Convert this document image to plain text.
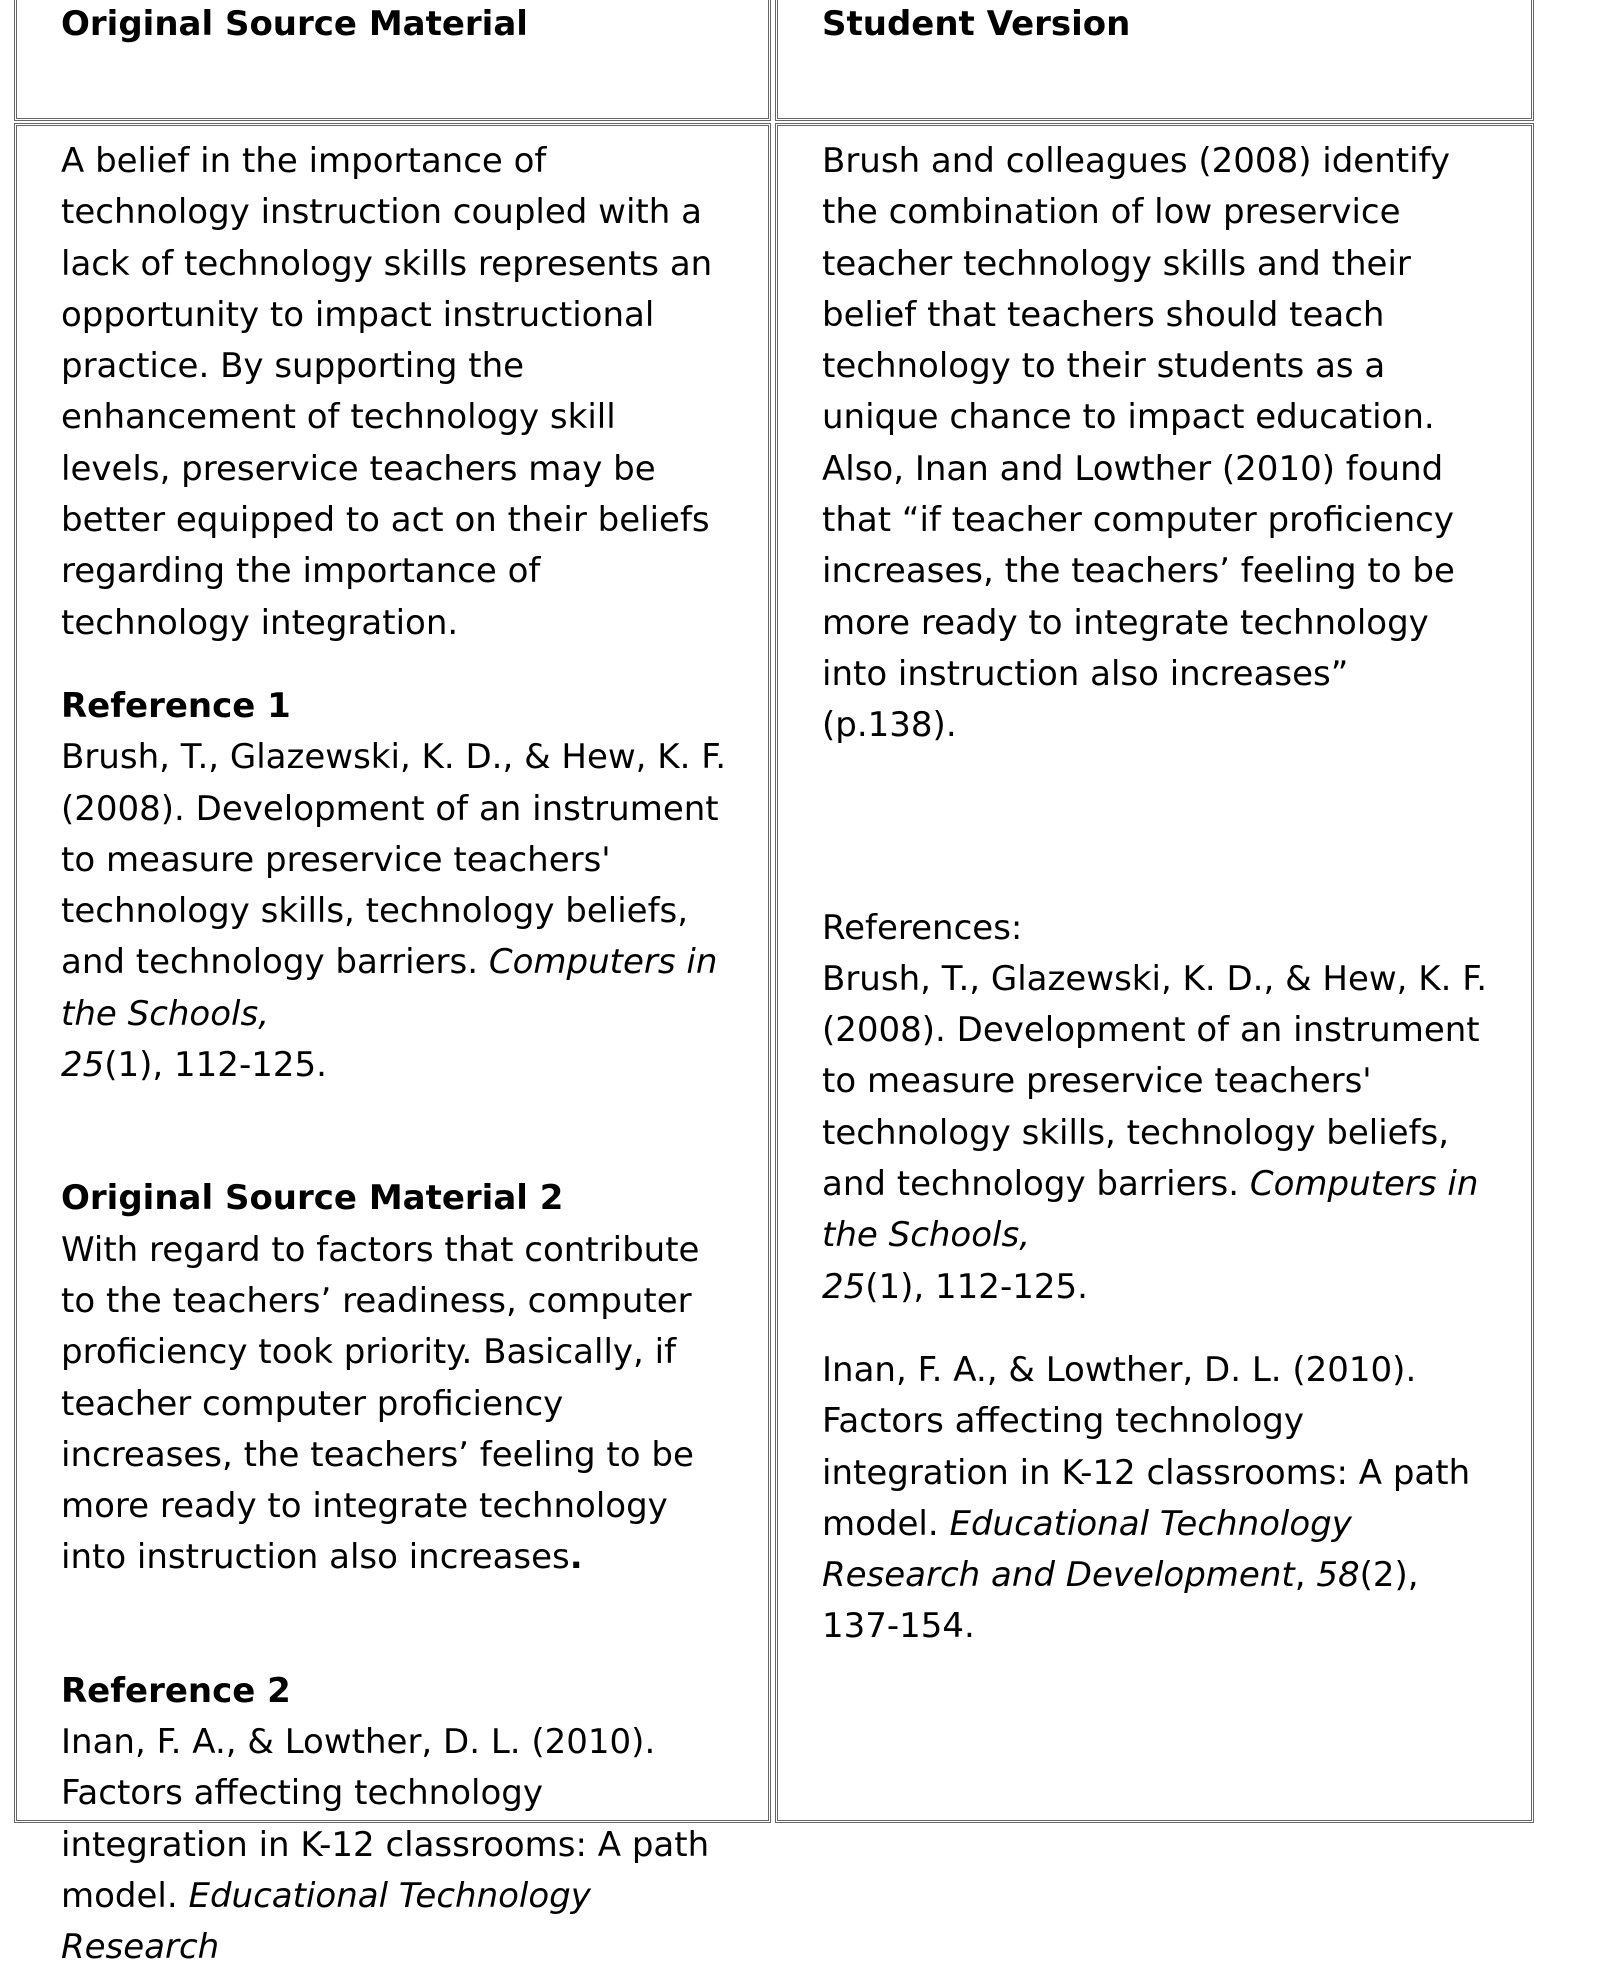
Original Source Material	Student Version

A belief in the importance of technology instruction coupled with a lack of technology skills represents an opportunity to impact instructional practice. By supporting the enhancement of technology skill levels, preservice teachers may be better equipped to act on their beliefs regarding the importance of technology integration.

Reference 1
Brush, T., Glazewski, K. D., & Hew, K. F. (2008). Development of an instrument to measure preservice teachers' technology skills, technology beliefs, and technology barriers. Computers in the Schools,
25(1), 112-125.
Original Source Material 2
With regard to factors that contribute to the teachers’ readiness, computer proficiency took priority. Basically, if teacher computer proficiency increases, the teachers’ feeling to be more ready to integrate technology into instruction also increases.
Reference 2
Inan, F. A., & Lowther, D. L. (2010). Factors affecting technology integration in K-12 classrooms: A path model. Educational Technology Research

Brush and colleagues (2008) identify the combination of low preservice teacher technology skills and their belief that teachers should teach technology to their students as a unique chance to impact education. Also, Inan and Lowther (2010) found that “if teacher computer proficiency increases, the teachers’ feeling to be more ready to integrate technology into instruction also increases” (p.138).

References:

Brush, T., Glazewski, K. D., & Hew, K. F. (2008). Development of an instrument to measure preservice teachers' technology skills, technology beliefs, and technology barriers. Computers in the Schools,
25(1), 112-125.

Inan, F. A., & Lowther, D. L. (2010). Factors affecting technology integration in K-12 classrooms: A path model. Educational Technology Research and Development, 58(2), 137-154.
